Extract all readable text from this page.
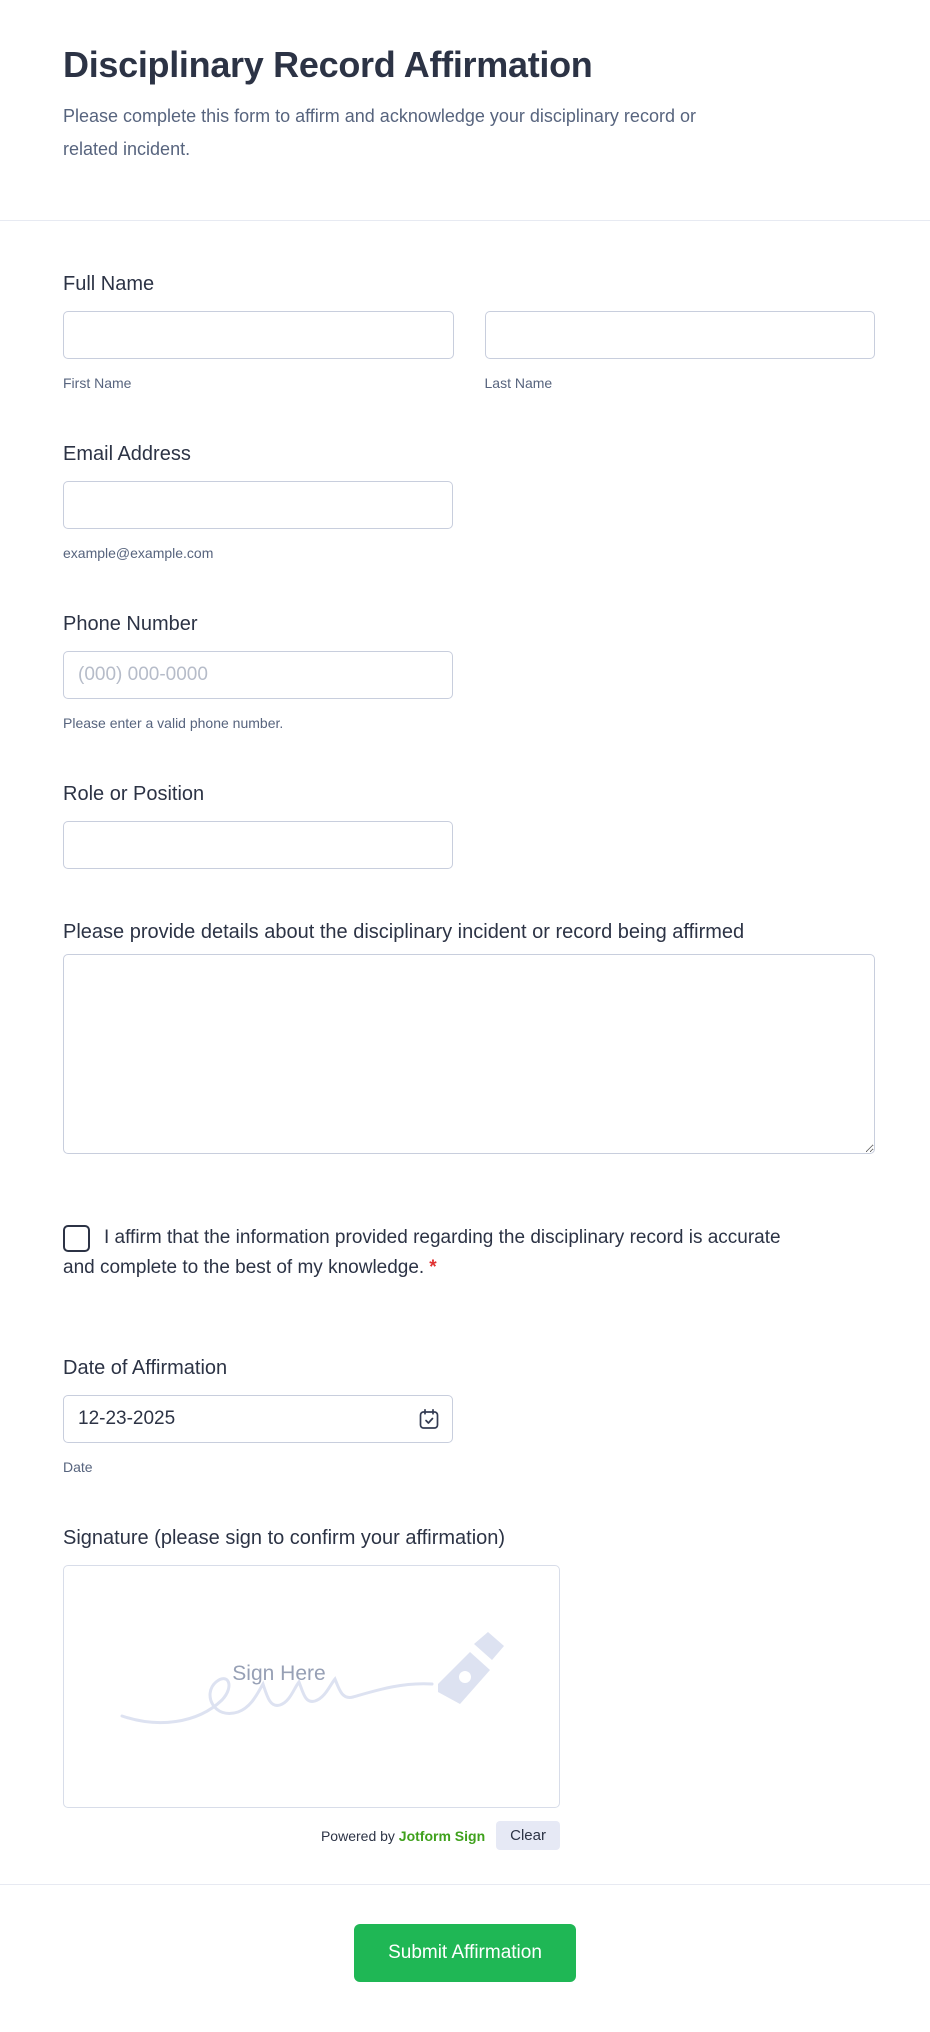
Disciplinary Record Affirmation
Please complete this form to affirm and acknowledge your disciplinary record or related incident.
Full Name
First Name	Last Name
Email Address
example@example.com
Phone Number
(000) 000-0000
Please enter a valid phone number.
Role or Position
Please provide details about the disciplinary incident or record being affirmed
I affirm that the information provided regarding the disciplinary record is accurate and complete to the best of my knowledge. *
Date of Affirmation
12-23-2025
Date
Signature (please sign to confirm your affirmation)
Sign Here
Powered by Jotform Sign	Clear
Submit Affirmation
